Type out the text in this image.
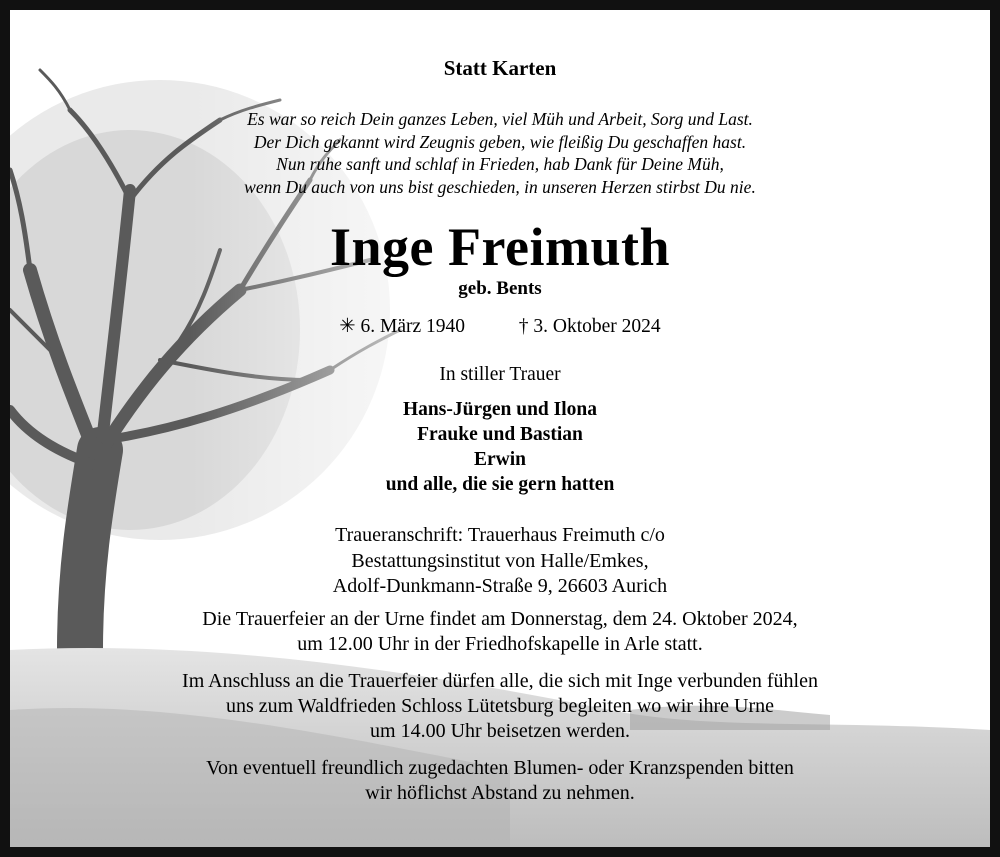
Statt Karten
Es war so reich Dein ganzes Leben, viel Müh und Arbeit, Sorg und Last.
Der Dich gekannt wird Zeugnis geben, wie fleißig Du geschaffen hast.
Nun ruhe sanft und schlaf in Frieden, hab Dank für Deine Müh,
wenn Du auch von uns bist geschieden, in unseren Herzen stirbst Du nie.
Inge Freimuth
geb. Bents
✳ 6. März 1940	† 3. Oktober 2024
In stiller Trauer
Hans-Jürgen und Ilona
Frauke und Bastian
Erwin
und alle, die sie gern hatten
Traueranschrift: Trauerhaus Freimuth c/o
Bestattungsinstitut von Halle/Emkes,
Adolf-Dunkmann-Straße 9, 26603 Aurich
Die Trauerfeier an der Urne findet am Donnerstag, dem 24. Oktober 2024,
um 12.00 Uhr in der Friedhofskapelle in Arle statt.
Im Anschluss an die Trauerfeier dürfen alle, die sich mit Inge verbunden fühlen
uns zum Waldfrieden Schloss Lütetsburg begleiten wo wir ihre Urne
um 14.00 Uhr beisetzen werden.
Von eventuell freundlich zugedachten Blumen- oder Kranzspenden bitten
wir höflichst Abstand zu nehmen.
